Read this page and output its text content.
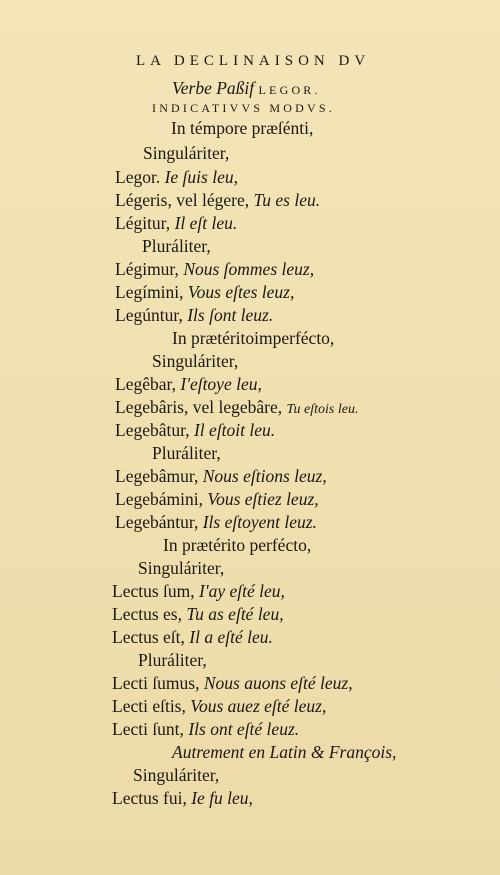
LA DECLINAISON DV
Verbe Paßif LEGOR.
INDICATIVVS MODVS.
In témpore præſénti,
Singuláriter,
Legor. Ie ſuis leu,
Légeris, vel légere, Tu es leu.
Légitur, Il eſt leu.
Pluráliter,
Légimur, Nous ſommes leuz,
Legímini, Vous eſtes leuz,
Legúntur, Ils ſont leuz.
In prætéritoimperfécto,
Singuláriter,
Legêbar, I'eſtoye leu,
Legebâris, vel legebâre, Tu eſtois leu.
Legebâtur, Il eſtoit leu.
Pluráliter,
Legebâmur, Nous eſtions leuz,
Legebámini, Vous eſtiez leuz,
Legebántur, Ils eſtoyent leuz.
In prætérito perfécto,
Singuláriter,
Lectus ſum, I'ay eſté leu,
Lectus es, Tu as eſté leu,
Lectus eſt, Il a eſté leu.
Pluráliter,
Lecti ſumus, Nous auons eſté leuz,
Lecti eſtis, Vous auez eſté leuz,
Lecti ſunt, Ils ont eſté leuz.
Autrement en Latin & François,
Singuláriter,
Lectus fui, Ie fu leu,
